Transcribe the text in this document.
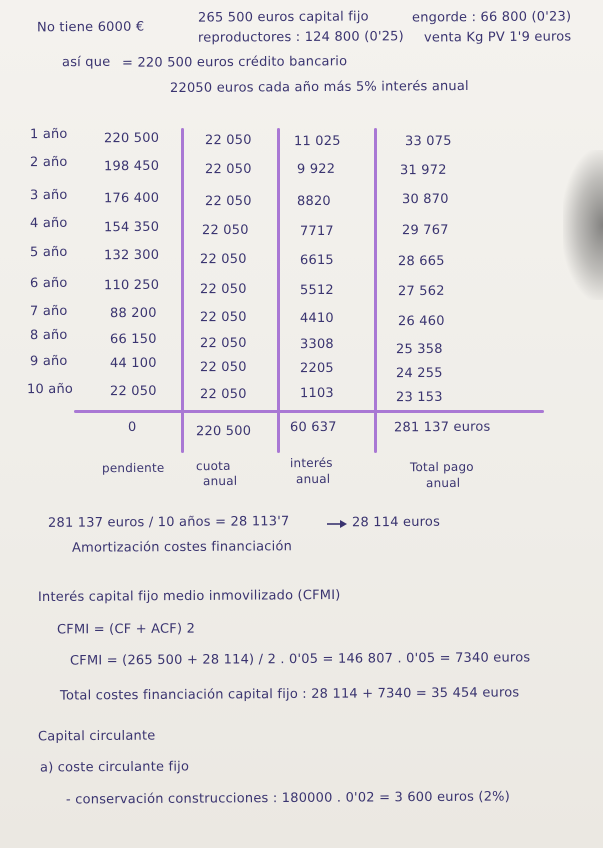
No tiene 6000 €
265 500 euros capital fijo	engorde : 66 800 (0'23)
reproductores : 124 800 (0'25) venta Kg PV 1'9 euros
así que = 220 500 euros crédito bancario
22050 euros cada año más 5% interés anual
1 año	220 500	22 050	11 025	33 075
2 año	198 450	22 050	9 922	31 972
3 año	176 400	22 050	8820	30 870
4 año	154 350	22 050	7717	29 767
5 año	132 300	22 050	6615	28 665
6 año	110 250	22 050	5512	27 562
7 año	88 200	22 050	4410	26 460
8 año	66 150	22 050	3308	25 358
9 año	44 100	22 050	2205	24 255
10 año	22 050	22 050	1103	23 153
0	220 500	60 637	281 137 euros
pendiente	cuota
anual
interés
anual
Total pago
anual
281 137 euros / 10 años = 28 113'7	28 114 euros
Amortización costes financiación
Interés capital fijo medio inmovilizado (CFMI)
CFMI = (CF + ACF) 2
CFMI = (265 500 + 28 114) / 2 . 0'05 = 146 807 . 0'05 = 7340 euros
Total costes financiación capital fijo : 28 114 + 7340 = 35 454 euros
Capital circulante
a) coste circulante fijo
- conservación construcciones : 180000 . 0'02 = 3 600 euros (2%)
